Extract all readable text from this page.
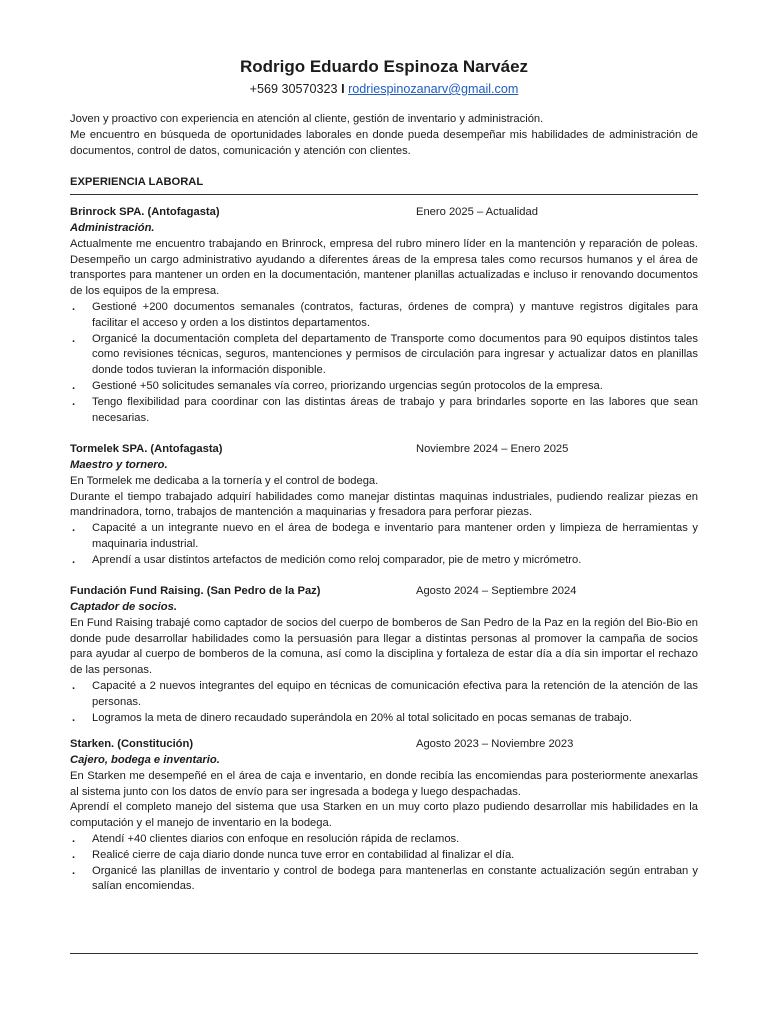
Rodrigo Eduardo Espinoza Narváez
+569 30570323 I rodriespinozanarv@gmail.com

Joven y proactivo con experiencia en atención al cliente, gestión de inventario y administración.

Me encuentro en búsqueda de oportunidades laborales en donde pueda desempeñar mis habilidades de administración de documentos, control de datos, comunicación y atención con clientes.

EXPERIENCIA LABORAL
Brinrock SPA. (Antofagasta)	Enero 2025 – Actualidad
Administración.

Actualmente me encuentro trabajando en Brinrock, empresa del rubro minero líder en la mantención y reparación de poleas. Desempeño un cargo administrativo ayudando a diferentes áreas de la empresa tales como recursos humanos y el área de transportes para mantener un orden en la documentación, mantener planillas actualizadas e incluso ir renovando documentos de los equipos de la empresa.

. Gestioné +200 documentos semanales (contratos, facturas, órdenes de compra) y mantuve registros digitales para facilitar el acceso y orden a los distintos departamentos.
. Organicé la documentación completa del departamento de Transporte como documentos para 90 equipos distintos tales como revisiones técnicas, seguros, mantenciones y permisos de circulación para ingresar y actualizar datos en planillas donde todos tuvieran la información disponible.
. Gestioné +50 solicitudes semanales vía correo, priorizando urgencias según protocolos de la empresa.
. Tengo flexibilidad para coordinar con las distintas áreas de trabajo y para brindarles soporte en las labores que sean necesarias.
Tormelek SPA. (Antofagasta)	Noviembre 2024 – Enero 2025
Maestro y tornero.

En Tormelek me dedicaba a la tornería y el control de bodega.

Durante el tiempo trabajado adquirí habilidades como manejar distintas maquinas industriales, pudiendo realizar piezas en mandrinadora, torno, trabajos de mantención a maquinarias y fresadora para perforar piezas.

. Capacité a un integrante nuevo en el área de bodega e inventario para mantener orden y limpieza de herramientas y maquinaria industrial.
. Aprendí a usar distintos artefactos de medición como reloj comparador, pie de metro y micrómetro.
Fundación Fund Raising. (San Pedro de la Paz)	Agosto 2024 – Septiembre 2024
Captador de socios.

En Fund Raising trabajé como captador de socios del cuerpo de bomberos de San Pedro de la Paz en la región del Bio-Bio en donde pude desarrollar habilidades como la persuasión para llegar a distintas personas al promover la campaña de socios para ayudar al cuerpo de bomberos de la comuna, así como la disciplina y fortaleza de estar día a día sin importar el rechazo de las personas.

. Capacité a 2 nuevos integrantes del equipo en técnicas de comunicación efectiva para la retención de la atención de las personas.
. Logramos la meta de dinero recaudado superándola en 20% al total solicitado en pocas semanas de trabajo.
Starken. (Constitución)	Agosto 2023 – Noviembre 2023
Cajero, bodega e inventario.

En Starken me desempeñé en el área de caja e inventario, en donde recibía las encomiendas para posteriormente anexarlas al sistema junto con los datos de envío para ser ingresada a bodega y luego despachadas.

Aprendí el completo manejo del sistema que usa Starken en un muy corto plazo pudiendo desarrollar mis habilidades en la computación y el manejo de inventario en la bodega.

. Atendí +40 clientes diarios con enfoque en resolución rápida de reclamos.
. Realicé cierre de caja diario donde nunca tuve error en contabilidad al finalizar el día.
. Organicé las planillas de inventario y control de bodega para mantenerlas en constante actualización según entraban y salían encomiendas.
